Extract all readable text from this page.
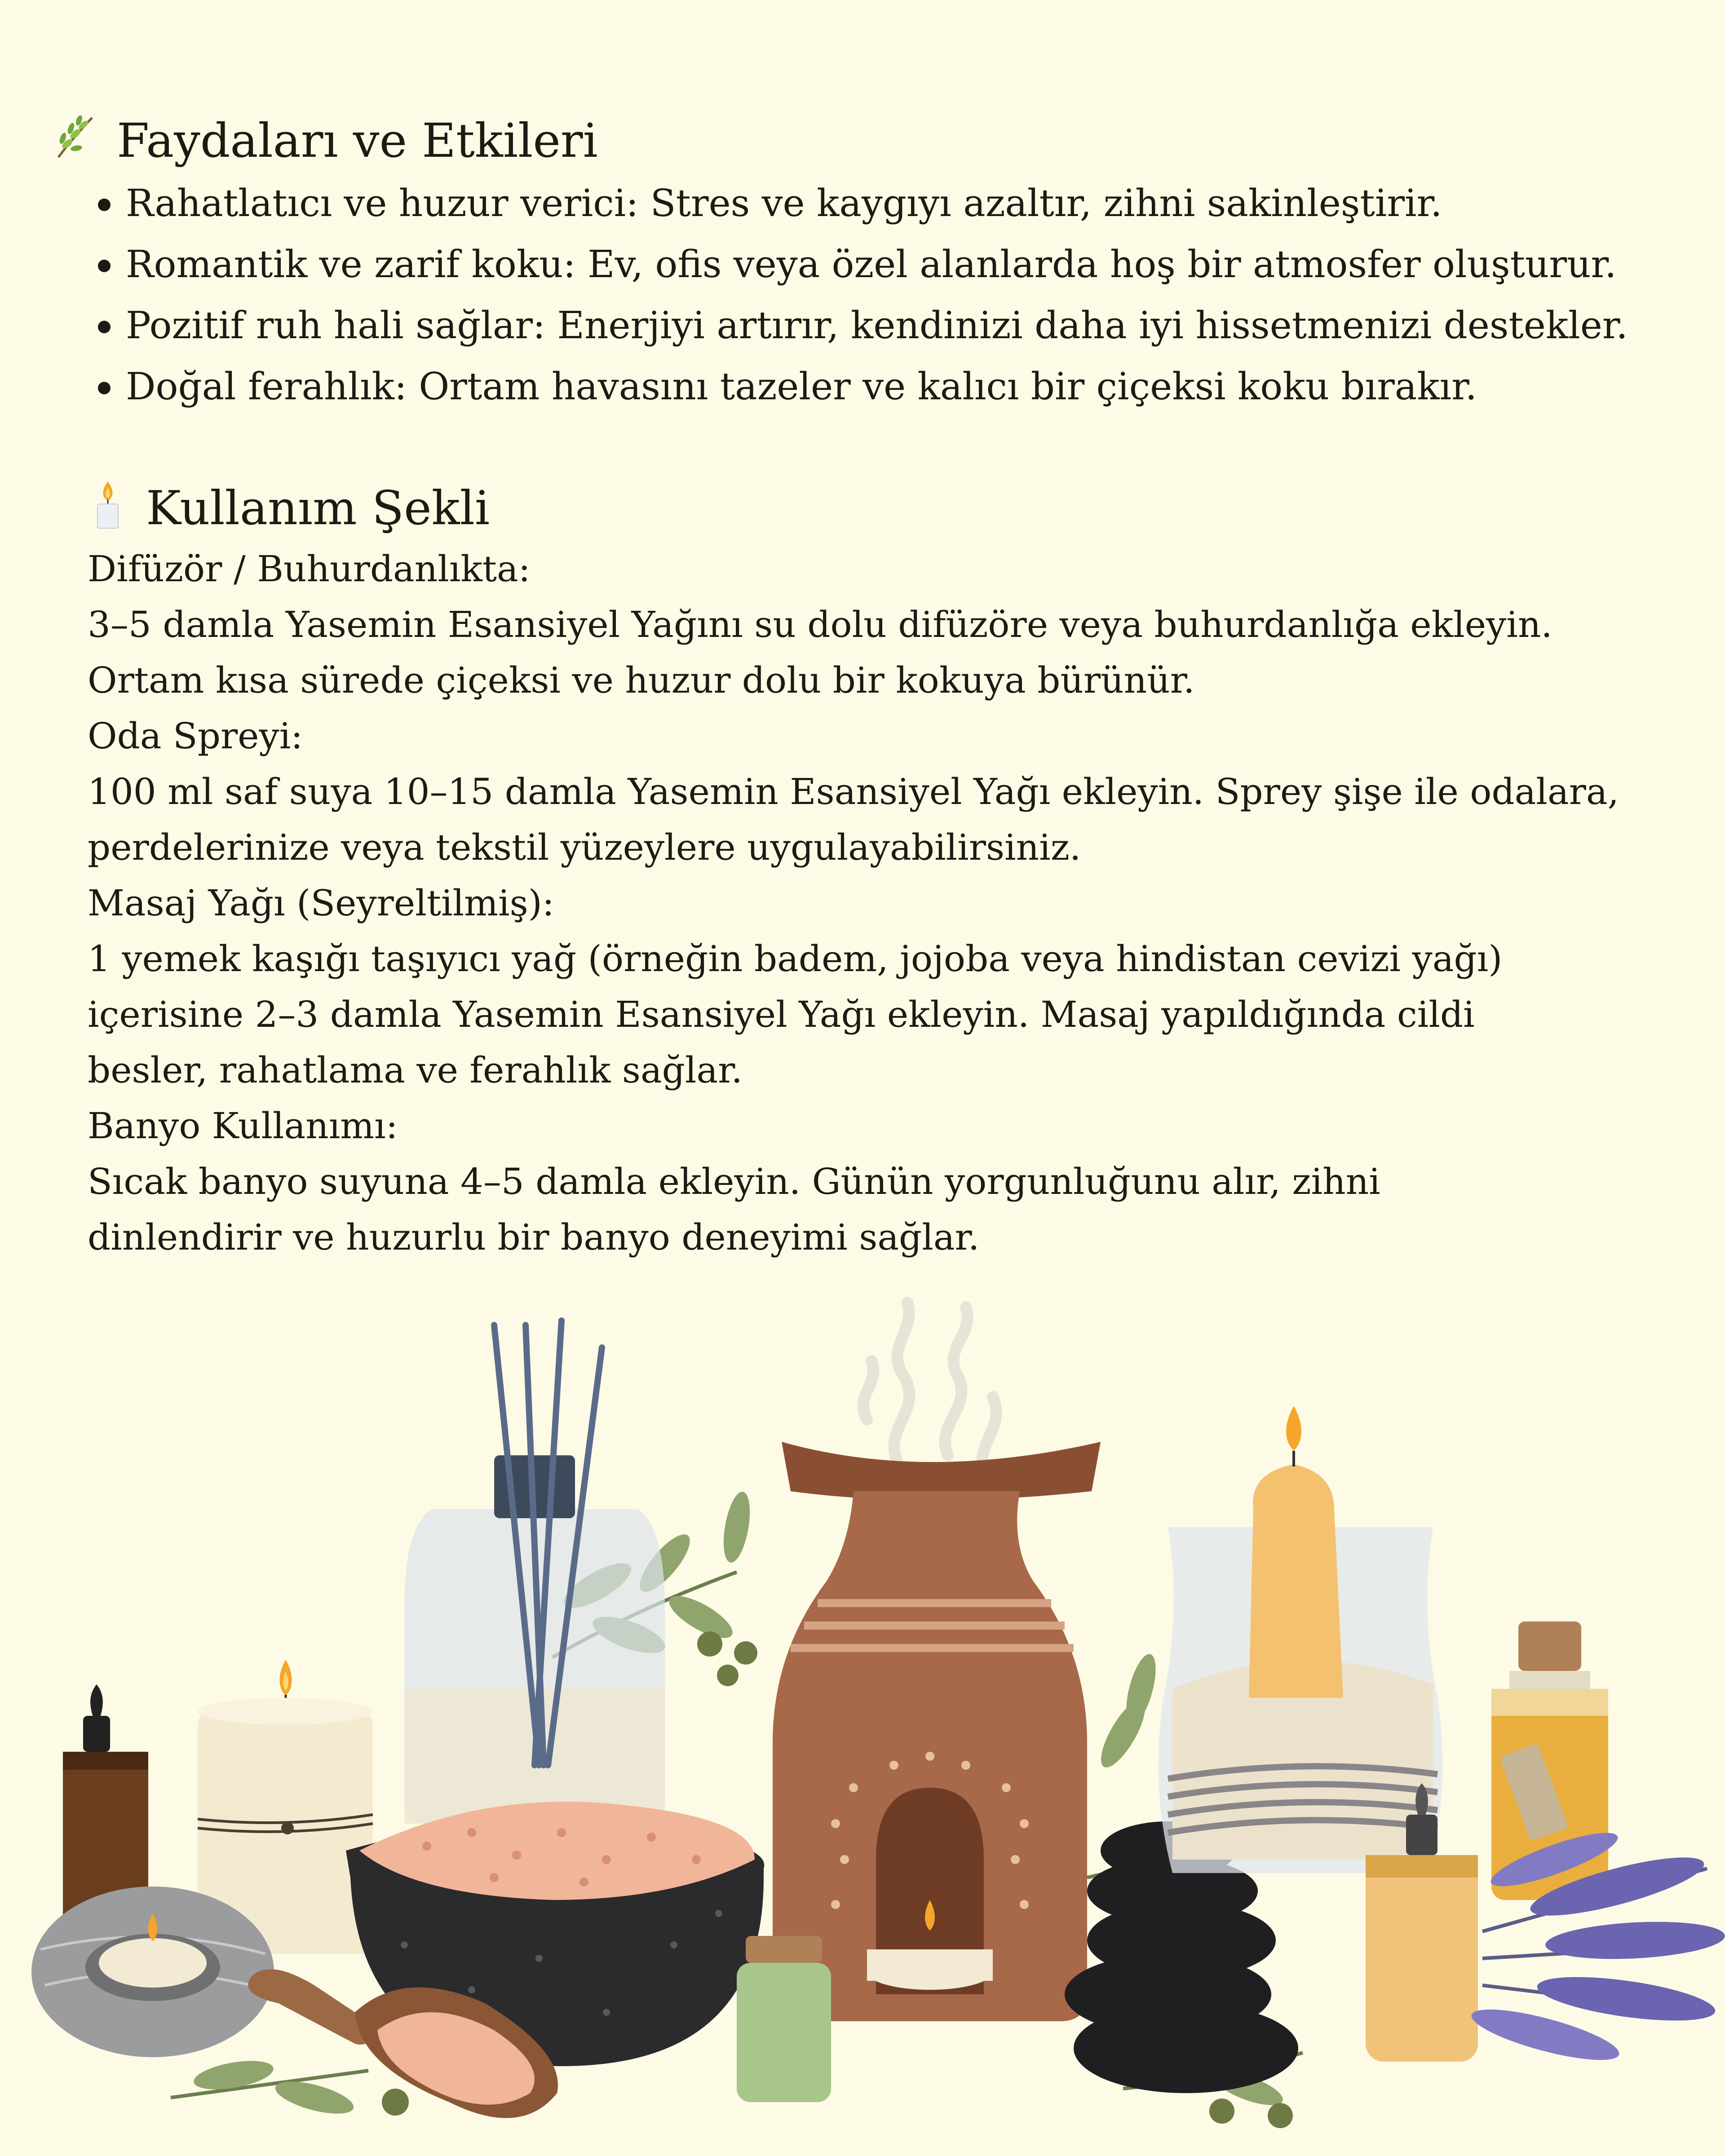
Faydaları ve Etkileri
Rahatlatıcı ve huzur verici: Stres ve kaygıyı azaltır, zihni sakinleştirir.
Romantik ve zarif koku: Ev, ofis veya özel alanlarda hoş bir atmosfer oluşturur.
Pozitif ruh hali sağlar: Enerjiyi artırır, kendinizi daha iyi hissetmenizi destekler.
Doğal ferahlık: Ortam havasını tazeler ve kalıcı bir çiçeksi koku bırakır.
Kullanım Şekli

Difüzör / Buhurdanlıkta:

3–5 damla Yasemin Esansiyel Yağını su dolu difüzöre veya buhurdanlığa ekleyin.

Ortam kısa sürede çiçeksi ve huzur dolu bir kokuya bürünür.

Oda Spreyi:

100 ml saf suya 10–15 damla Yasemin Esansiyel Yağı ekleyin. Sprey şişe ile odalara,

perdelerinize veya tekstil yüzeylere uygulayabilirsiniz.

Masaj Yağı (Seyreltilmiş):

1 yemek kaşığı taşıyıcı yağ (örneğin badem, jojoba veya hindistan cevizi yağı)

içerisine 2–3 damla Yasemin Esansiyel Yağı ekleyin. Masaj yapıldığında cildi

besler, rahatlama ve ferahlık sağlar.

Banyo Kullanımı:

Sıcak banyo suyuna 4–5 damla ekleyin. Günün yorgunluğunu alır, zihni

dinlendirir ve huzurlu bir banyo deneyimi sağlar.
